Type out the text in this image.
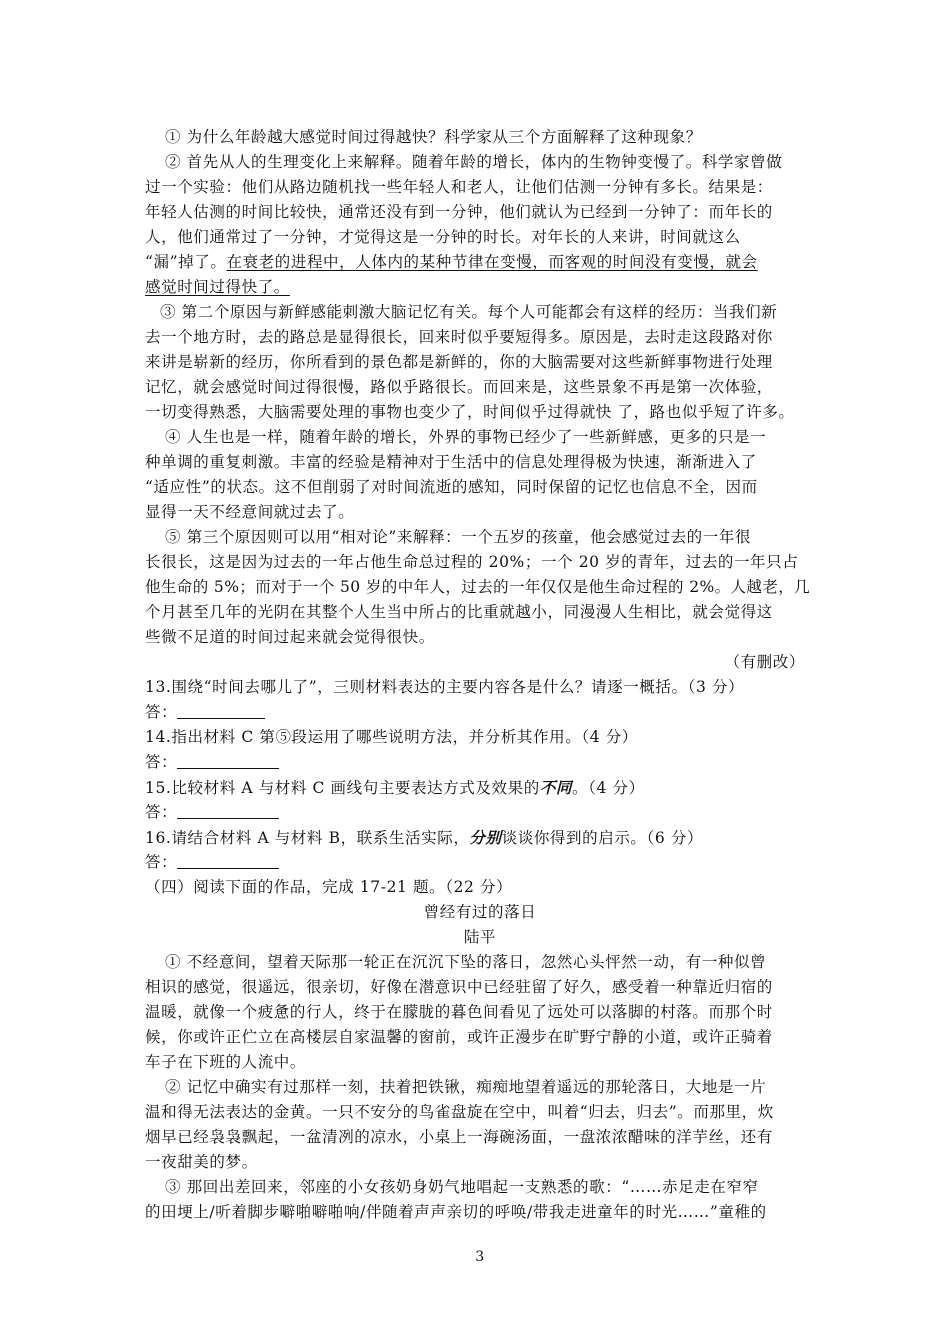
① 为什么年龄越大感觉时间过得越快？科学家从三个方面解释了这种现象？
② 首先从人的生理变化上来解释。随着年龄的增长，体内的生物钟变慢了。科学家曾做
过一个实验：他们从路边随机找一些年轻人和老人，让他们估测一分钟有多长。结果是：
年轻人估测的时间比较快，通常还没有到一分钟，他们就认为已经到一分钟了：而年长的
人，他们通常过了一分钟，才觉得这是一分钟的时长。对年长的人来讲，时间就这么
“漏”掉了。在衰老的进程中，人体内的某种节律在变慢，而客观的时间没有变慢，就会
感觉时间过得快了。
③ 第二个原因与新鲜感能刺激大脑记忆有关。每个人可能都会有这样的经历：当我们新
去一个地方时，去的路总是显得很长，回来时似乎要短得多。原因是，去时走这段路对你
来讲是崭新的经历，你所看到的景色都是新鲜的，你的大脑需要对这些新鲜事物进行处理
记忆，就会感觉时间过得很慢，路似乎路很长。而回来是，这些景象不再是第一次体验，
一切变得熟悉，大脑需要处理的事物也变少了，时间似乎过得就快 了，路也似乎短了许多。
④ 人生也是一样，随着年龄的增长，外界的事物已经少了一些新鲜感，更多的只是一
种单调的重复刺激。丰富的经验是精神对于生活中的信息处理得极为快速，渐渐进入了
“适应性”的状态。这不但削弱了对时间流逝的感知，同时保留的记忆也信息不全，因而
显得一天不经意间就过去了。
⑤ 第三个原因则可以用“相对论”来解释：一个五岁的孩童，他会感觉过去的一年很
长很长，这是因为过去的一年占他生命总过程的 20%；一个 20 岁的青年，过去的一年只占
他生命的 5%；而对于一个 50 岁的中年人，过去的一年仅仅是他生命过程的 2%。人越老，几
个月甚至几年的光阴在其整个人生当中所占的比重就越小，同漫漫人生相比，就会觉得这
些微不足道的时间过起来就会觉得很快。
（有删改）
13.围绕“时间去哪儿了”，三则材料表达的主要内容各是什么？请逐一概括。（3 分）
答：
14.指出材料 C 第⑤段运用了哪些说明方法，并分析其作用。（4 分）
答：
15.比较材料 A 与材料 C 画线句主要表达方式及效果的不同。（4 分）
答：
16.请结合材料 A 与材料 B，联系生活实际，分别谈谈你得到的启示。（6 分）
答：
（四）阅读下面的作品，完成 17-21 题。（22 分）
曾经有过的落日
陆平
① 不经意间，望着天际那一轮正在沉沉下坠的落日，忽然心头怦然一动，有一种似曾
相识的感觉，很遥远，很亲切，好像在潜意识中已经驻留了好久，感受着一种靠近归宿的
温暖，就像一个疲惫的行人，终于在朦胧的暮色间看见了远处可以落脚的村落。而那个时
候，你或许正伫立在高楼层自家温馨的窗前，或许正漫步在旷野宁静的小道，或许正骑着
车子在下班的人流中。
② 记忆中确实有过那样一刻，扶着把铁锹，痴痴地望着遥远的那轮落日，大地是一片
温和得无法表达的金黄。一只不安分的鸟雀盘旋在空中，叫着“归去，归去”。而那里，炊
烟早已经袅袅飘起，一盆清冽的凉水，小桌上一海碗汤面，一盘浓浓醋味的洋芋丝，还有
一夜甜美的梦。
③ 那回出差回来，邻座的小女孩奶身奶气地唱起一支熟悉的歌：“……赤足走在窄窄
的田埂上/听着脚步噼啪噼啪响/伴随着声声亲切的呼唤/带我走进童年的时光……”童稚的
3
